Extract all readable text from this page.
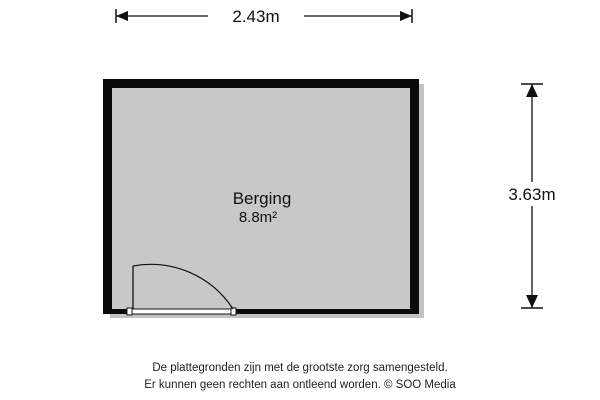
2.43m
3.63m
Berging
8.8m²
De plattegronden zijn met de grootste zorg samengesteld.
Er kunnen geen rechten aan ontleend worden. © SOO Media
